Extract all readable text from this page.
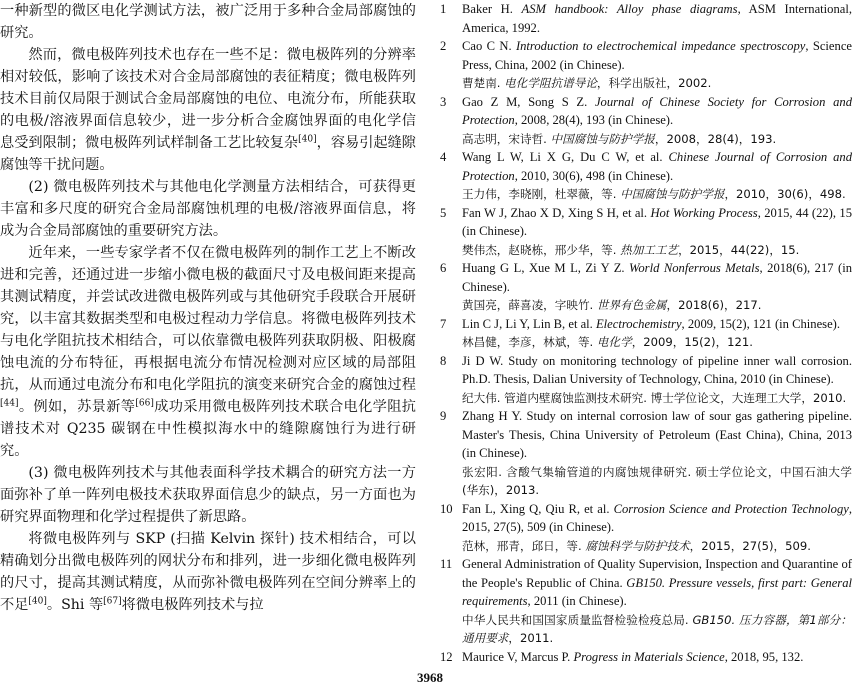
一种新型的微区电化学测试方法，被广泛用于多种合金局部腐蚀的研究。

然而，微电极阵列技术也存在一些不足：微电极阵列的分辨率相对较低，影响了该技术对合金局部腐蚀的表征精度；微电极阵列技术目前仅局限于测试合金局部腐蚀的电位、电流分布，所能获取的电极/溶液界面信息较少，进一步分析合金腐蚀界面的电化学信息受到限制；微电极阵列试样制备工艺比较复杂[40]，容易引起缝隙腐蚀等干扰问题。

(2) 微电极阵列技术与其他电化学测量方法相结合，可获得更丰富和多尺度的研究合金局部腐蚀机理的电极/溶液界面信息，将成为合金局部腐蚀的重要研究方法。

近年来，一些专家学者不仅在微电极阵列的制作工艺上不断改进和完善，还通过进一步缩小微电极的截面尺寸及电极间距来提高其测试精度，并尝试改进微电极阵列或与其他研究手段联合开展研究，以丰富其数据类型和电极过程动力学信息。将微电极阵列技术与电化学阻抗技术相结合，可以依靠微电极阵列获取阴极、阳极腐蚀电流的分布特征，再根据电流分布情况检测对应区域的局部阻抗，从而通过电流分布和电化学阻抗的演变来研究合金的腐蚀过程[44]。例如，苏景新等[66]成功采用微电极阵列技术联合电化学阻抗谱技术对 Q235 碳钢在中性模拟海水中的缝隙腐蚀行为进行研究。

(3) 微电极阵列技术与其他表面科学技术耦合的研究方法一方面弥补了单一阵列电极技术获取界面信息少的缺点，另一方面也为研究界面物理和化学过程提供了新思路。

将微电极阵列与 SKP (扫描 Kelvin 探针) 技术相结合，可以精确划分出微电极阵列的网状分布和排列，进一步细化微电极阵列的尺寸，提高其测试精度，从而弥补微电极阵列在空间分辨率上的不足[40]。Shi 等[67]将微电极阵列技术与拉

1 Baker H. ASM handbook: Alloy phase diagrams, ASM International, America, 1992.
2 Cao C N. Introduction to electrochemical impedance spectroscopy, Science Press, China, 2002 (in Chinese).
曹楚南. 电化学阻抗谱导论，科学出版社，2002.
3 Gao Z M, Song S Z. Journal of Chinese Society for Corrosion and Protection, 2008, 28(4), 193 (in Chinese).
高志明，宋诗哲. 中国腐蚀与防护学报，2008，28(4)，193.
4 Wang L W, Li X G, Du C W, et al. Chinese Journal of Corrosion and Protection, 2010, 30(6), 498 (in Chinese).
王力伟，李晓刚，杜翠薇，等. 中国腐蚀与防护学报，2010，30(6)，498.
5 Fan W J, Zhao X D, Xing S H, et al. Hot Working Process, 2015, 44 (22), 15 (in Chinese).
樊伟杰，赵晓栋，邢少华，等. 热加工工艺，2015，44(22)，15.
6 Huang G L, Xue M L, Zi Y Z. World Nonferrous Metals, 2018(6), 217 (in Chinese).
黄国亮，薛喜凌，字映竹. 世界有色金属，2018(6)，217.
7 Lin C J, Li Y, Lin B, et al. Electrochemistry, 2009, 15(2), 121 (in Chinese).
林昌健，李彦，林斌，等. 电化学，2009，15(2)，121.
8 Ji D W. Study on monitoring technology of pipeline inner wall corrosion. Ph.D. Thesis, Dalian University of Technology, China, 2010 (in Chinese).
纪大伟. 管道内壁腐蚀监测技术研究. 博士学位论文，大连理工大学，2010.
9 Zhang H Y. Study on internal corrosion law of sour gas gathering pipeline. Master's Thesis, China University of Petroleum (East China), China, 2013 (in Chinese).
张宏阳. 含酸气集输管道的内腐蚀规律研究. 硕士学位论文，中国石油大学(华东)，2013.
10 Fan L, Xing Q, Qiu R, et al. Corrosion Science and Protection Technology, 2015, 27(5), 509 (in Chinese).
范林，邢青，邱日，等. 腐蚀科学与防护技术，2015，27(5)，509.
11 General Administration of Quality Supervision, Inspection and Quarantine of the People's Republic of China. GB150. Pressure vessels, first part: General requirements, 2011 (in Chinese).
中华人民共和国国家质量监督检验检疫总局. GB150. 压力容器，第1部分：通用要求，2011.
12 Maurice V, Marcus P. Progress in Materials Science, 2018, 95, 132.
3968
